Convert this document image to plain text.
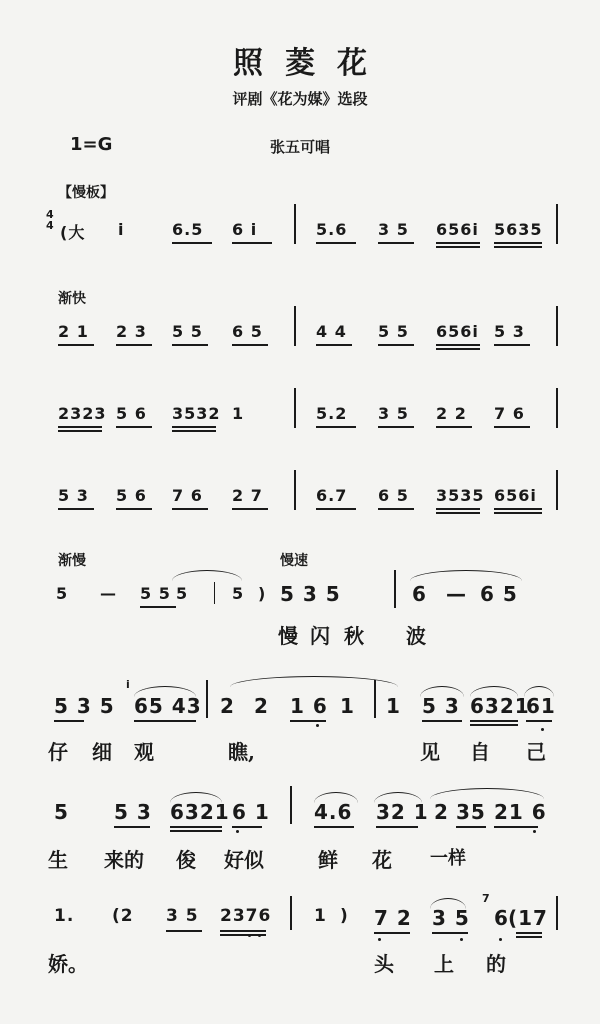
照菱花
评剧《花为媒》选段
1=G	张五可唱
【慢板】
4
4 (大 i	6.5 6 i	5.6 3 5 656i 5635
渐快
2 1 2 3 5 5 6 5	4 4 5 5 656i 5 3
2323 5 6 3532 1	5.2 3 5 2 2 7 6
5 3 5 6 7 6 2 7	6.7 6 5 3535 656i
渐慢	慢速
5 — 5 5 5	5 ) 5 3 5	6 — 6 5
慢 闪 秋 波
5 3 5
i
65 43 2 2 1 6 1 1 5 3 6321
61
仔 细 观	瞧,	见 自 己
5 5 3 6321 6 1 4.6 32 1 2 35 21 6
生 来的 俊 好似	鲜 花 一样
1. (2 3 5 2376	1 ) 7 2 3 5
7
6 (17
娇。	头 上 的
